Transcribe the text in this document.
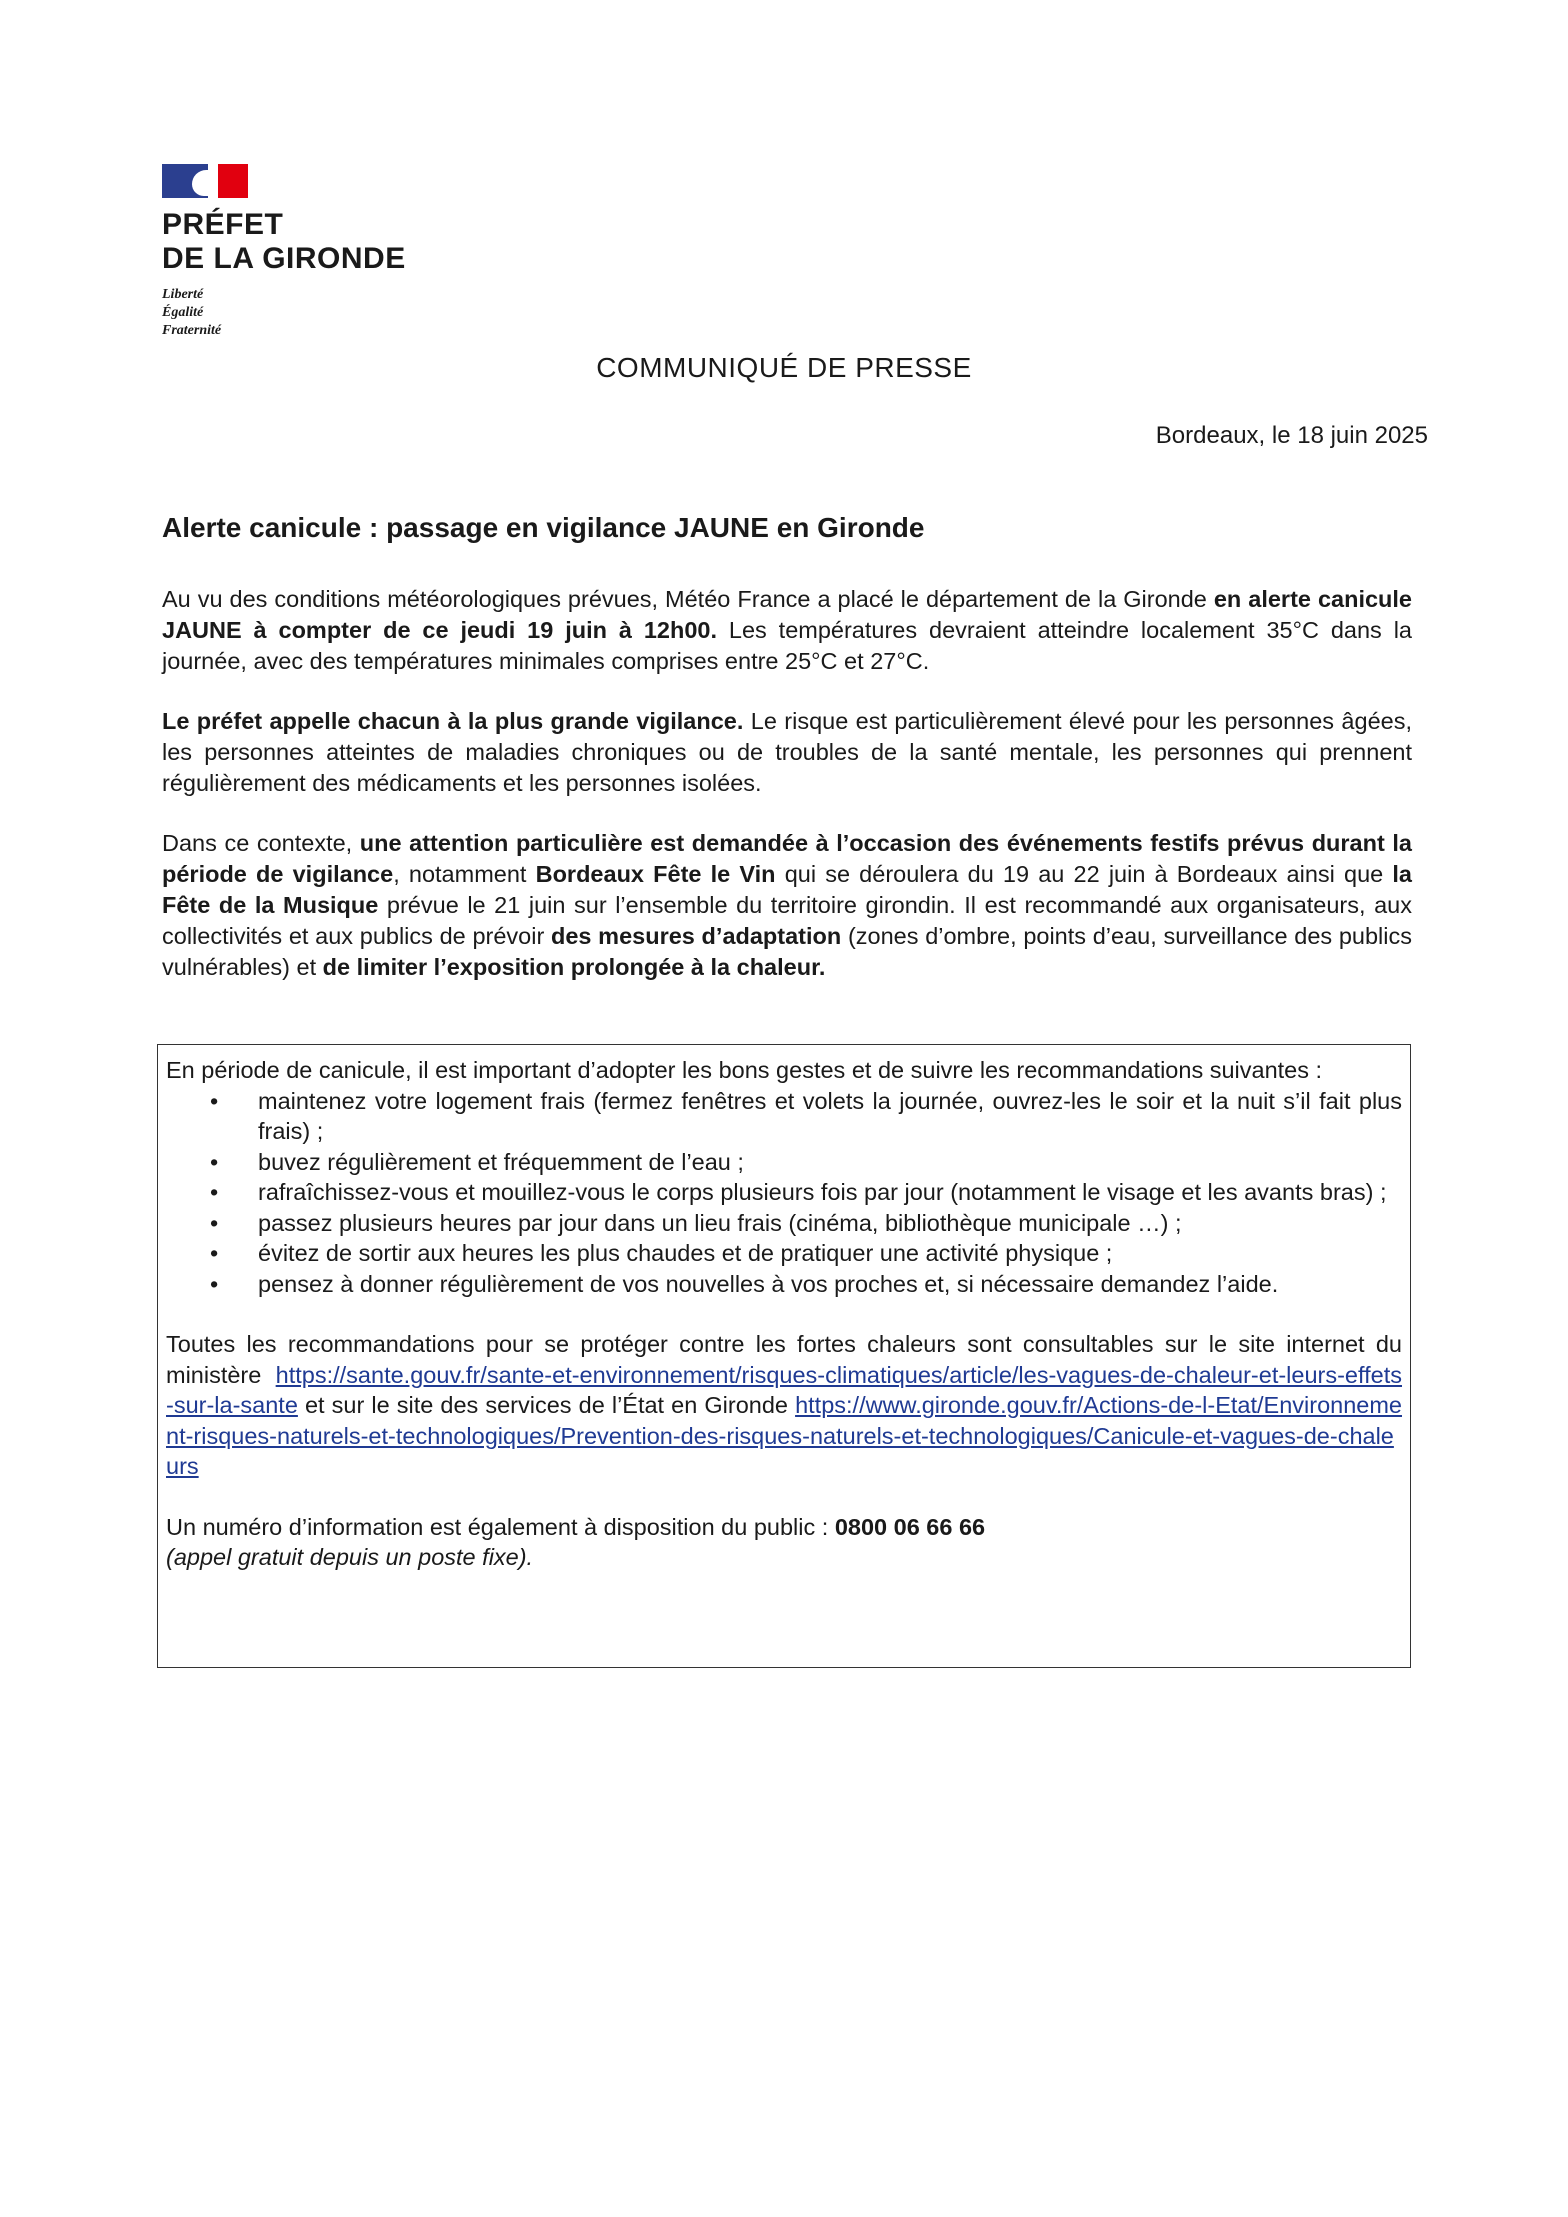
PRÉFET
DE LA GIRONDE
Liberté
Égalité
Fraternité
COMMUNIQUÉ DE PRESSE
Bordeaux, le 18 juin 2025
Alerte canicule : passage en vigilance JAUNE en Gironde
Au vu des conditions météorologiques prévues, Météo France a placé le département de la Gironde en alerte canicule JAUNE à compter de ce jeudi 19 juin à 12h00. Les températures devraient atteindre localement 35°C dans la journée, avec des températures minimales comprises entre 25°C et 27°C.
Le préfet appelle chacun à la plus grande vigilance. Le risque est particulièrement élevé pour les personnes âgées, les personnes atteintes de maladies chroniques ou de troubles de la santé mentale, les personnes qui prennent régulièrement des médicaments et les personnes isolées.
Dans ce contexte, une attention particulière est demandée à l’occasion des événements festifs prévus durant la période de vigilance, notamment Bordeaux Fête le Vin qui se déroulera du 19 au 22 juin à Bordeaux ainsi que la Fête de la Musique prévue le 21 juin sur l’ensemble du territoire girondin. Il est recommandé aux organisateurs, aux collectivités et aux publics de prévoir des mesures d’adaptation (zones d’ombre, points d’eau, surveillance des publics vulnérables) et de limiter l’exposition prolongée à la chaleur.

En période de canicule, il est important d’adopter les bons gestes et de suivre les recommandations suivantes :

• maintenez votre logement frais (fermez fenêtres et volets la journée, ouvrez-les le soir et la nuit s’il fait plus frais) ;
• buvez régulièrement et fréquemment de l’eau ;
• rafraîchissez-vous et mouillez-vous le corps plusieurs fois par jour (notamment le visage et les avants bras) ;
• passez plusieurs heures par jour dans un lieu frais (cinéma, bibliothèque municipale …) ;
• évitez de sortir aux heures les plus chaudes et de pratiquer une activité physique ;
• pensez à donner régulièrement de vos nouvelles à vos proches et, si nécessaire demandez l’aide.

Toutes les recommandations pour se protéger contre les fortes chaleurs sont consultables sur le site internet du ministère https://sante.gouv.fr/sante-et-environnement/risques-climatiques/article/les-vagues-de-chaleur-et-leurs-effets-sur-la-sante et sur le site des services de l’État en Gironde https://www.gironde.gouv.fr/Actions-de-l-Etat/Environnement-risques-naturels-et-technologiques/Prevention-des-risques-naturels-et-technologiques/Canicule-et-vagues-de-chaleurs

Un numéro d’information est également à disposition du public : 0800 06 66 66
(appel gratuit depuis un poste fixe).
